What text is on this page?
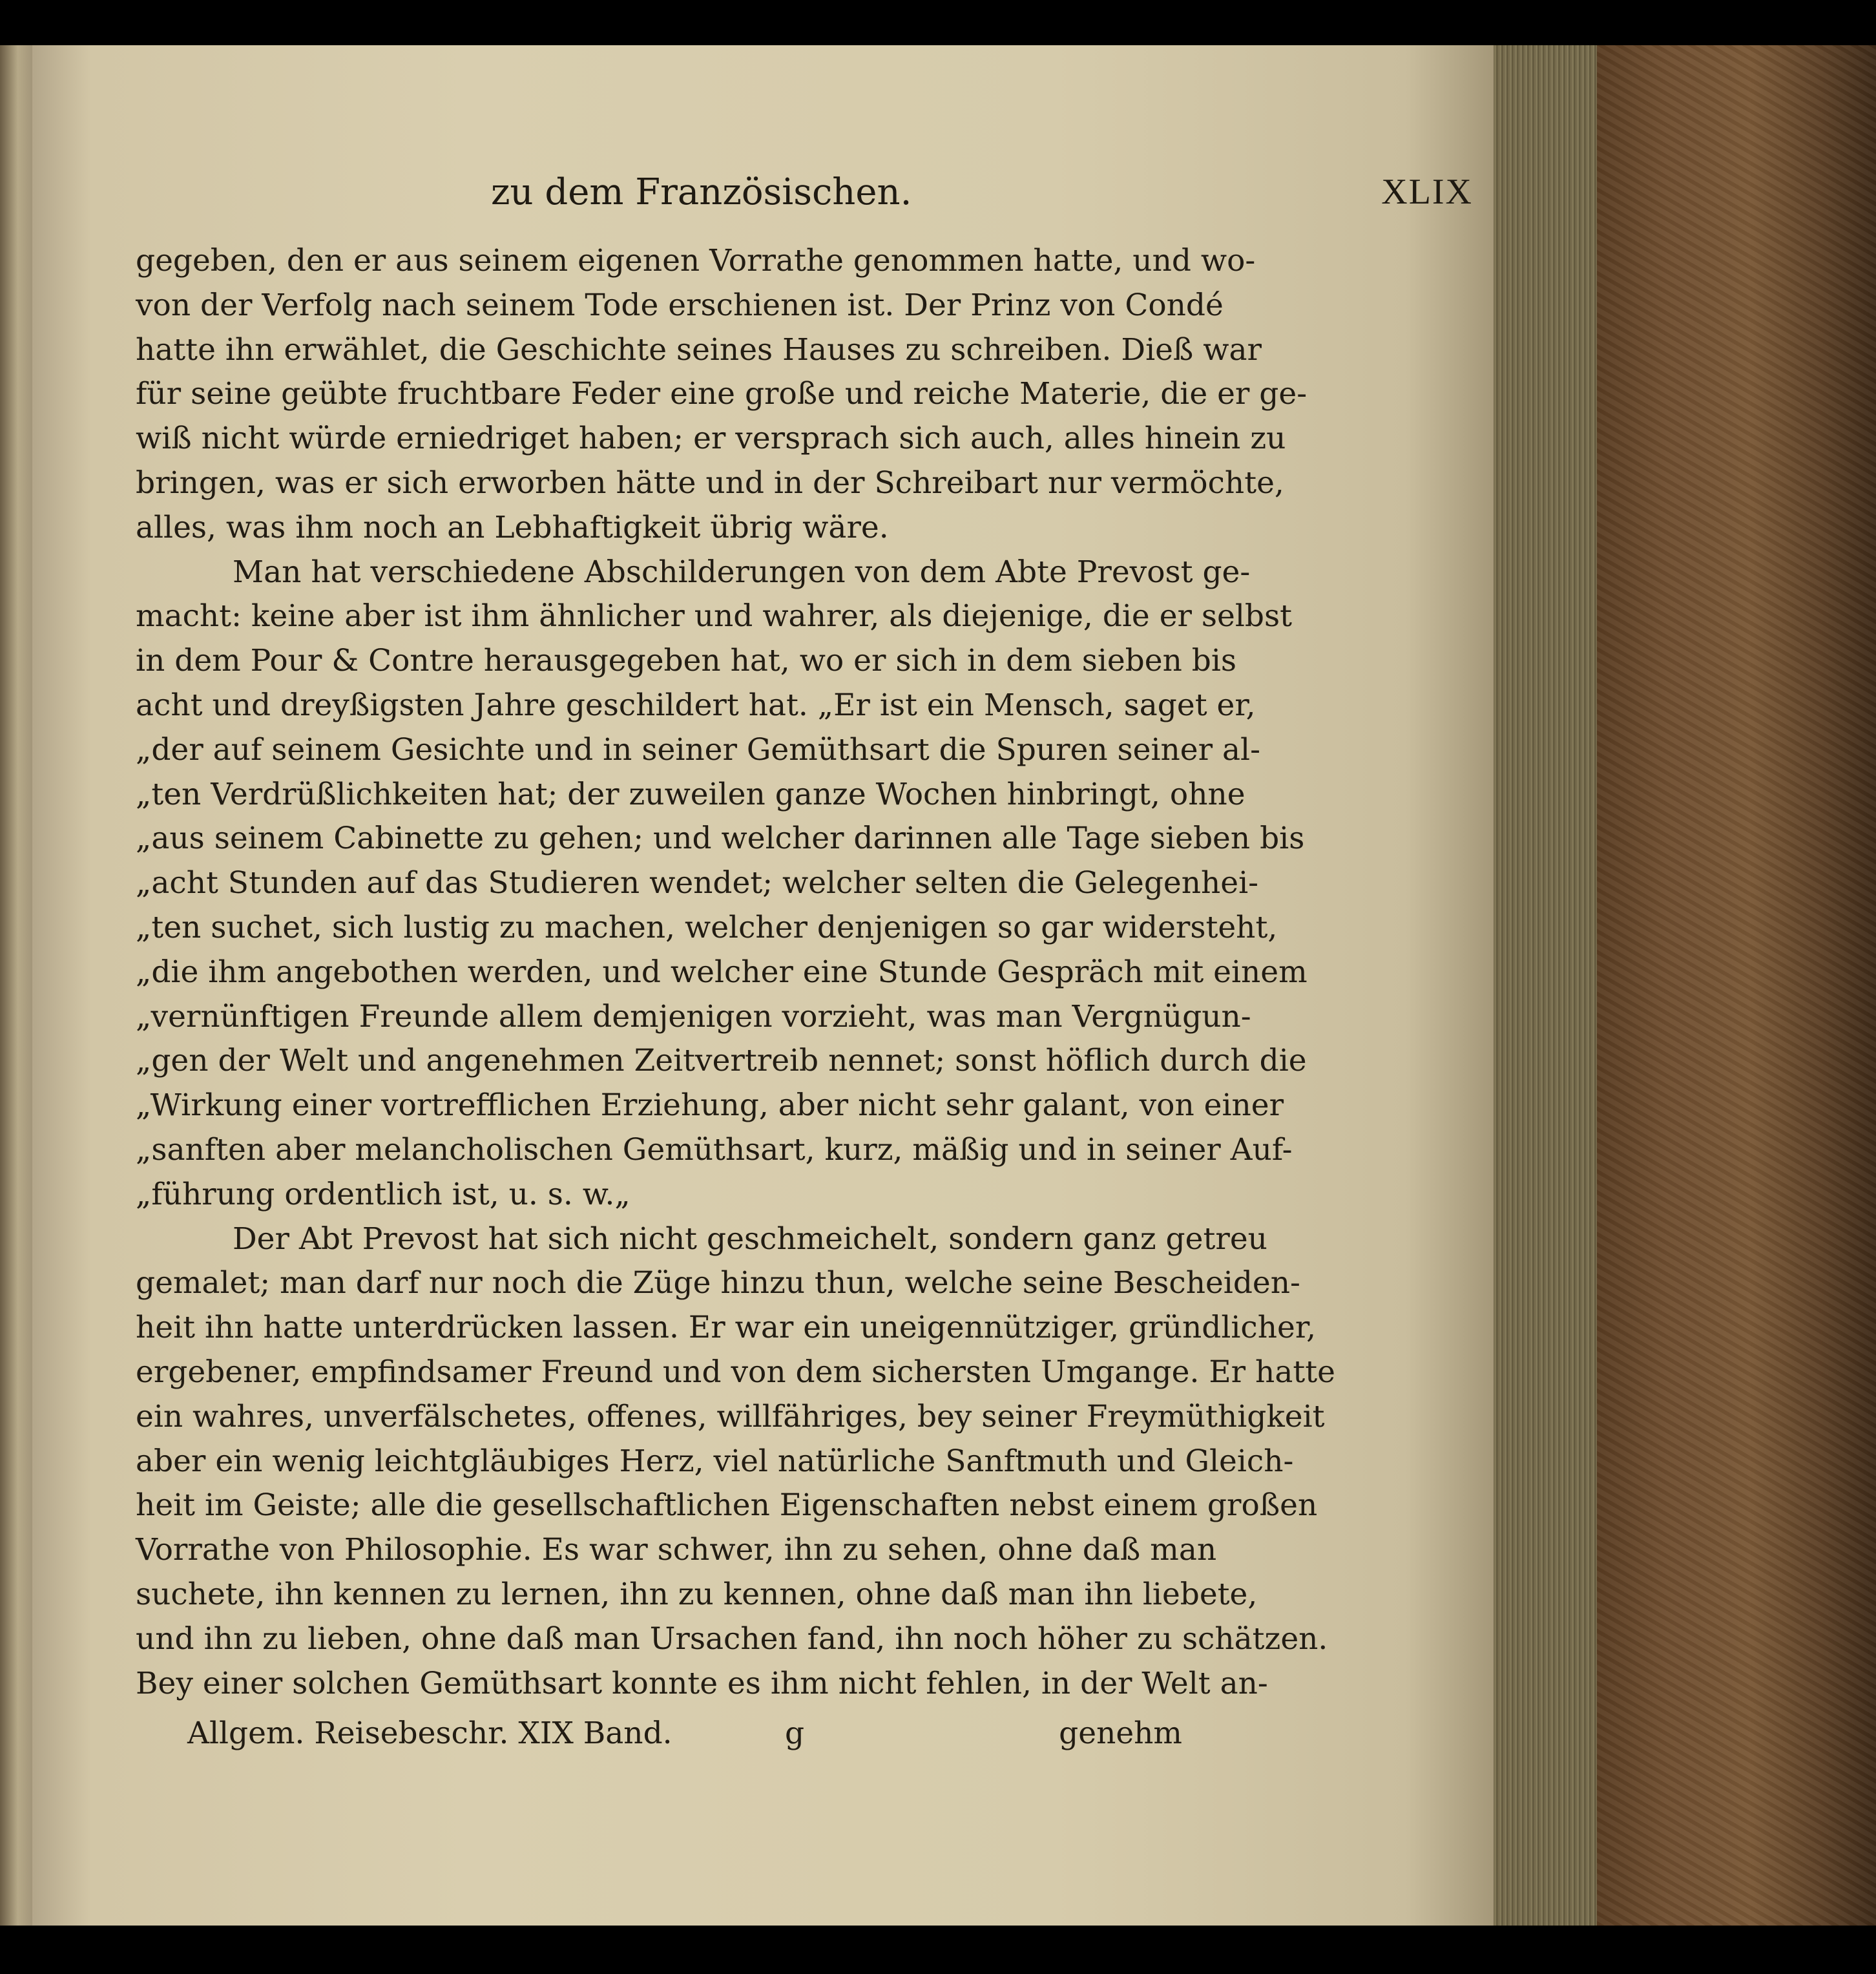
zu dem Französischen.	XLIX
gegeben, den er aus seinem eigenen Vorrathe genommen hatte, und wo-
von der Verfolg nach seinem Tode erschienen ist. Der Prinz von Condé
hatte ihn erwählet, die Geschichte seines Hauses zu schreiben. Dieß war
für seine geübte fruchtbare Feder eine große und reiche Materie, die er ge-
wiß nicht würde erniedriget haben; er versprach sich auch, alles hinein zu
bringen, was er sich erworben hätte und in der Schreibart nur vermöchte,
alles, was ihm noch an Lebhaftigkeit übrig wäre.
Man hat verschiedene Abschilderungen von dem Abte Prevost ge-
macht: keine aber ist ihm ähnlicher und wahrer, als diejenige, die er selbst
in dem Pour & Contre herausgegeben hat, wo er sich in dem sieben bis
acht und dreyßigsten Jahre geschildert hat. „Er ist ein Mensch, saget er,
„der auf seinem Gesichte und in seiner Gemüthsart die Spuren seiner al-
„ten Verdrüßlichkeiten hat; der zuweilen ganze Wochen hinbringt, ohne
„aus seinem Cabinette zu gehen; und welcher darinnen alle Tage sieben bis
„acht Stunden auf das Studieren wendet; welcher selten die Gelegenhei-
„ten suchet, sich lustig zu machen, welcher denjenigen so gar widersteht,
„die ihm angebothen werden, und welcher eine Stunde Gespräch mit einem
„vernünftigen Freunde allem demjenigen vorzieht, was man Vergnügun-
„gen der Welt und angenehmen Zeitvertreib nennet; sonst höflich durch die
„Wirkung einer vortrefflichen Erziehung, aber nicht sehr galant, von einer
„sanften aber melancholischen Gemüthsart, kurz, mäßig und in seiner Auf-
„führung ordentlich ist, u. s. w.„
Der Abt Prevost hat sich nicht geschmeichelt, sondern ganz getreu
gemalet; man darf nur noch die Züge hinzu thun, welche seine Bescheiden-
heit ihn hatte unterdrücken lassen. Er war ein uneigennütziger, gründlicher,
ergebener, empfindsamer Freund und von dem sichersten Umgange. Er hatte
ein wahres, unverfälschetes, offenes, willfähriges, bey seiner Freymüthigkeit
aber ein wenig leichtgläubiges Herz, viel natürliche Sanftmuth und Gleich-
heit im Geiste; alle die gesellschaftlichen Eigenschaften nebst einem großen
Vorrathe von Philosophie. Es war schwer, ihn zu sehen, ohne daß man
suchete, ihn kennen zu lernen, ihn zu kennen, ohne daß man ihn liebete,
und ihn zu lieben, ohne daß man Ursachen fand, ihn noch höher zu schätzen.
Bey einer solchen Gemüthsart konnte es ihm nicht fehlen, in der Welt an-
Allgem. Reisebeschr. XIX Band.	g	genehm
